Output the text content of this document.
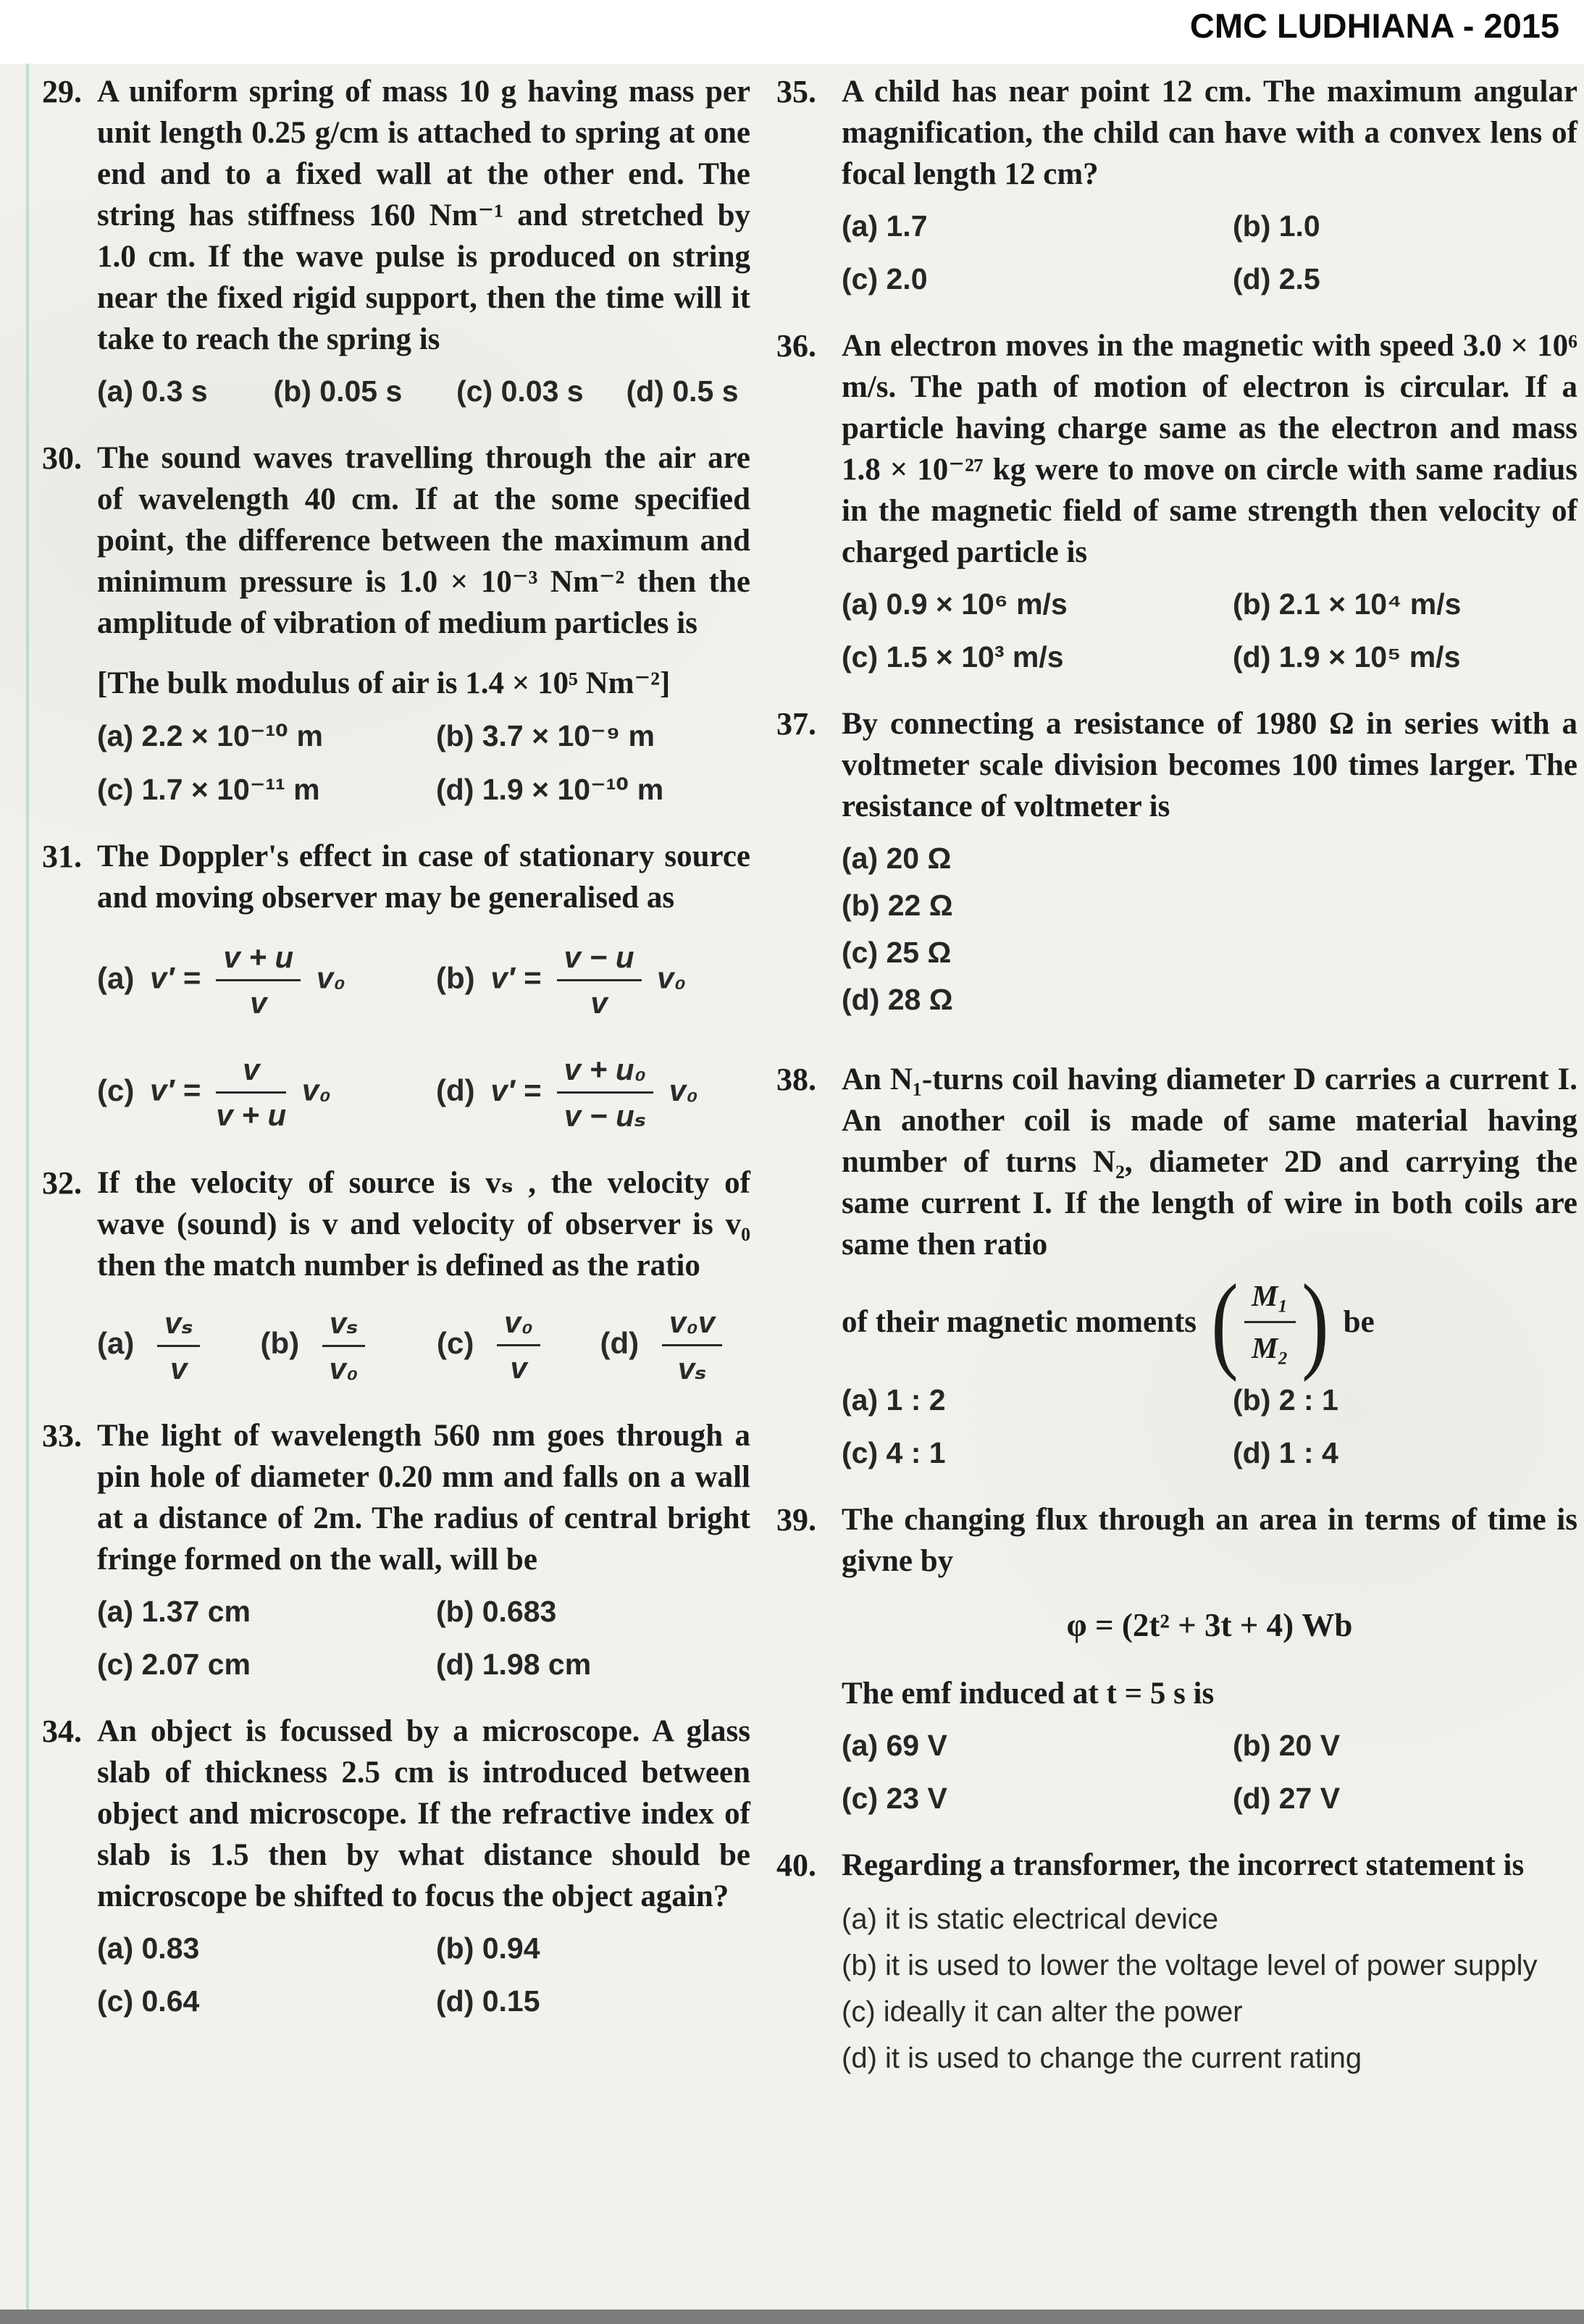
CMC LUDHIANA - 2015
29. A uniform spring of mass 10 g having mass per unit length 0.25 g/cm is attached to spring at one end and to a fixed wall at the other end. The string has stiffness 160 Nm⁻¹ and stretched by 1.0 cm. If the wave pulse is produced on string near the fixed rigid support, then the time will it take to reach the spring is

(a) 0.3 s	(b) 0.05 s	(c) 0.03 s	(d) 0.5 s
30. The sound waves travelling through the air are of wavelength 40 cm. If at the some specified point, the difference between the maximum and minimum pressure is 1.0 × 10⁻³ Nm⁻² then the amplitude of vibration of medium particles is

[The bulk modulus of air is 1.4 × 10⁵ Nm⁻²]

(a) 2.2 × 10⁻¹⁰ m	(b) 3.7 × 10⁻⁹ m
(c) 1.7 × 10⁻¹¹ m	(d) 1.9 × 10⁻¹⁰ m
31. The Doppler's effect in case of stationary source and moving observer may be generalised as

(a) $v' = \frac{v + u}{v} v_0$	(b) $v' = \frac{v - u}{v} v_0$
(c) $v' = \frac{v}{v + u} v_0$	(d) $v' = \frac{\text{v + u₀}}{\text{v − uₛ}} v_0$
32. If the velocity of source is vₛ , the velocity of wave (sound) is v and velocity of observer is v₀ then the match number is defined as the ratio

$(a) \frac{\text{vₛ}}{v} (b) \frac{\text{vₛ}}{\text{v₀}} (c) \frac{\text{v₀}}{v} (d) \frac{\text{v₀v}}{\text{vₛ}}$
33. The light of wavelength 560 nm goes through a pin hole of diameter 0.20 mm and falls on a wall at a distance of 2m. The radius of central bright fringe formed on the wall, will be

(a) 1.37 cm	(b) 0.683
(c) 2.07 cm	(d) 1.98 cm
34. An object is focussed by a microscope. A glass slab of thickness 2.5 cm is introduced between object and microscope. If the refractive index of slab is 1.5 then by what distance should be microscope be shifted to focus the object again?

(a) 0.83	(b) 0.94
(c) 0.64	(d) 0.15
35. A child has near point 12 cm. The maximum angular magnification, the child can have with a convex lens of focal length 12 cm?

(a) 1.7	(b) 1.0
(c) 2.0	(d) 2.5
36. An electron moves in the magnetic with speed 3.0 × 10⁶ m/s. The path of motion of electron is circular. If a particle having charge same as the electron and mass 1.8 × 10⁻²⁷ kg were to move on circle with same radius in the magnetic field of same strength then velocity of charged particle is

(a) 0.9 × 10⁶ m/s	(b) 2.1 × 10⁴ m/s
(c) 1.5 × 10³ m/s	(d) 1.9 × 10⁵ m/s
37. By connecting a resistance of 1980 Ω in series with a voltmeter scale division becomes 100 times larger. The resistance of voltmeter is

(a) 20 Ω
(b) 22 Ω
(c) 25 Ω
(d) 28 Ω
38. An N₁-turns coil having diameter D carries a current I. An another coil is made of same material having number of turns N₂, diameter 2D and carrying the same current I. If the length of wire in both coils are same then ratio

of their magnetic moments ( $\frac{\text{M₁}}{\text{M₂}}$ ) be
(a) 1 : 2	(b) 2 : 1
(c) 4 : 1	(d) 1 : 4
39. The changing flux through an area in terms of time is givne by

φ = (2t² + 3t + 4) Wb

The emf induced at t = 5 s is

(a) 69 V	(b) 20 V
(c) 23 V	(d) 27 V
40. Regarding a transformer, the incorrect statement is

(a) it is static electrical device
(b) it is used to lower the voltage level of power supply
(c) ideally it can alter the power
(d) it is used to change the current rating
